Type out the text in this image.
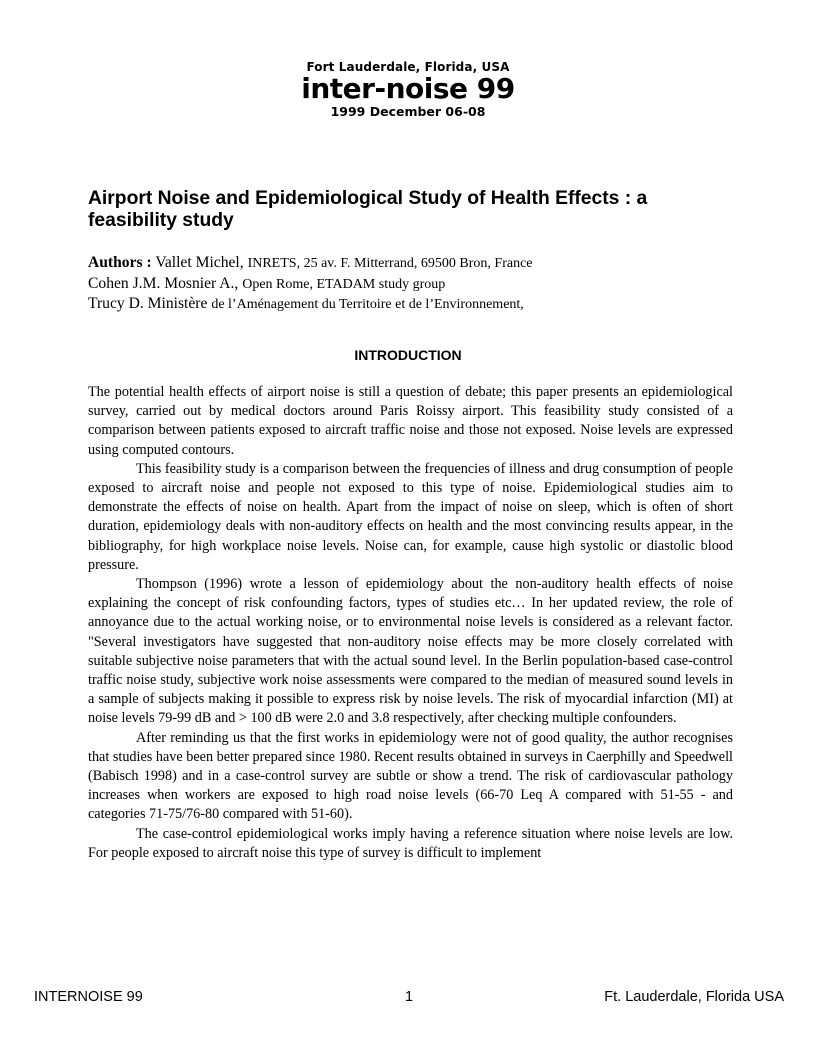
Fort Lauderdale, Florida, USA
inter-noise 99
1999 December 06-08
Airport Noise and Epidemiological Study of Health Effects : a feasibility study
Authors : Vallet Michel, INRETS, 25 av. F. Mitterrand, 69500 Bron, France
Cohen J.M. Mosnier A., Open Rome, ETADAM study group
Trucy D. Ministère de l’Aménagement du Territoire et de l’Environnement,
INTRODUCTION

The potential health effects of airport noise is still a question of debate; this paper presents an epidemiological survey, carried out by medical doctors around Paris Roissy airport. This feasibility study consisted of a comparison between patients exposed to aircraft traffic noise and those not exposed. Noise levels are expressed using computed contours.

This feasibility study is a comparison between the frequencies of illness and drug consumption of people exposed to aircraft noise and people not exposed to this type of noise. Epidemiological studies aim to demonstrate the effects of noise on health. Apart from the impact of noise on sleep, which is often of short duration, epidemiology deals with non-auditory effects on health and the most convincing results appear, in the bibliography, for high workplace noise levels. Noise can, for example, cause high systolic or diastolic blood pressure.

Thompson (1996) wrote a lesson of epidemiology about the non-auditory health effects of noise explaining the concept of risk confounding factors, types of studies etc… In her updated review, the role of annoyance due to the actual working noise, or to environmental noise levels is considered as a relevant factor. "Several investigators have suggested that non-auditory noise effects may be more closely correlated with suitable subjective noise parameters that with the actual sound level. In the Berlin population-based case-control traffic noise study, subjective work noise assessments were compared to the median of measured sound levels in a sample of subjects making it possible to express risk by noise levels. The risk of myocardial infarction (MI) at noise levels 79-99 dB and > 100 dB were 2.0 and 3.8 respectively, after checking multiple confounders.

After reminding us that the first works in epidemiology were not of good quality, the author recognises that studies have been better prepared since 1980. Recent results obtained in surveys in Caerphilly and Speedwell (Babisch 1998) and in a case-control survey are subtle or show a trend. The risk of cardiovascular pathology increases when workers are exposed to high road noise levels (66-70 Leq A compared with 51-55 - and categories 71-75/76-80 compared with 51-60).

The case-control epidemiological works imply having a reference situation where noise levels are low. For people exposed to aircraft noise this type of survey is difficult to implement

INTERNOISE 99	1	Ft. Lauderdale, Florida USA
